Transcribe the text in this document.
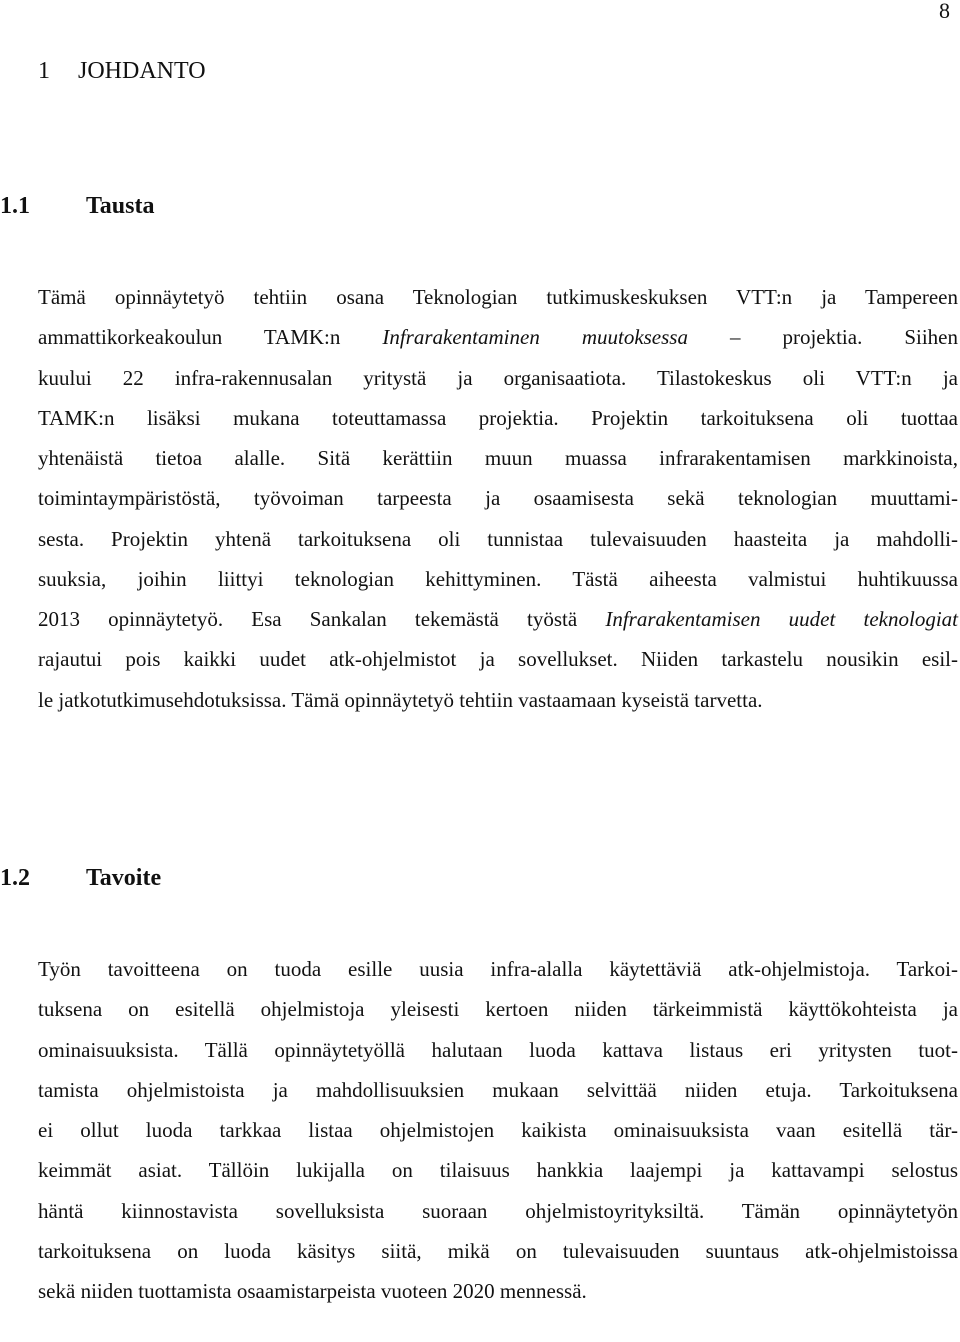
8
1 JOHDANTO
1.1 Tausta
Tämä opinnäytetyö tehtiin osana Teknologian tutkimuskeskuksen VTT:n ja Tampereen
ammattikorkeakoulun TAMK:n Infrarakentaminen muutoksessa – projektia. Siihen
kuului 22 infra-rakennusalan yritystä ja organisaatiota. Tilastokeskus oli VTT:n ja
TAMK:n lisäksi mukana toteuttamassa projektia. Projektin tarkoituksena oli tuottaa
yhtenäistä tietoa alalle. Sitä kerättiin muun muassa infrarakentamisen markkinoista,
toimintaympäristöstä, työvoiman tarpeesta ja osaamisesta sekä teknologian muuttami-
sesta. Projektin yhtenä tarkoituksena oli tunnistaa tulevaisuuden haasteita ja mahdolli-
suuksia, joihin liittyi teknologian kehittyminen. Tästä aiheesta valmistui huhtikuussa
2013 opinnäytetyö. Esa Sankalan tekemästä työstä Infrarakentamisen uudet teknologiat
rajautui pois kaikki uudet atk-ohjelmistot ja sovellukset. Niiden tarkastelu nousikin esil-
le jatkotutkimusehdotuksissa. Tämä opinnäytetyö tehtiin vastaamaan kyseistä tarvetta.
1.2 Tavoite
Työn tavoitteena on tuoda esille uusia infra-alalla käytettäviä atk-ohjelmistoja. Tarkoi-
tuksena on esitellä ohjelmistoja yleisesti kertoen niiden tärkeimmistä käyttökohteista ja
ominaisuuksista. Tällä opinnäytetyöllä halutaan luoda kattava listaus eri yritysten tuot-
tamista ohjelmistoista ja mahdollisuuksien mukaan selvittää niiden etuja. Tarkoituksena
ei ollut luoda tarkkaa listaa ohjelmistojen kaikista ominaisuuksista vaan esitellä tär-
keimmät asiat. Tällöin lukijalla on tilaisuus hankkia laajempi ja kattavampi selostus
häntä kiinnostavista sovelluksista suoraan ohjelmistoyrityksiltä. Tämän opinnäytetyön
tarkoituksena on luoda käsitys siitä, mikä on tulevaisuuden suuntaus atk-ohjelmistoissa
sekä niiden tuottamista osaamistarpeista vuoteen 2020 mennessä.
